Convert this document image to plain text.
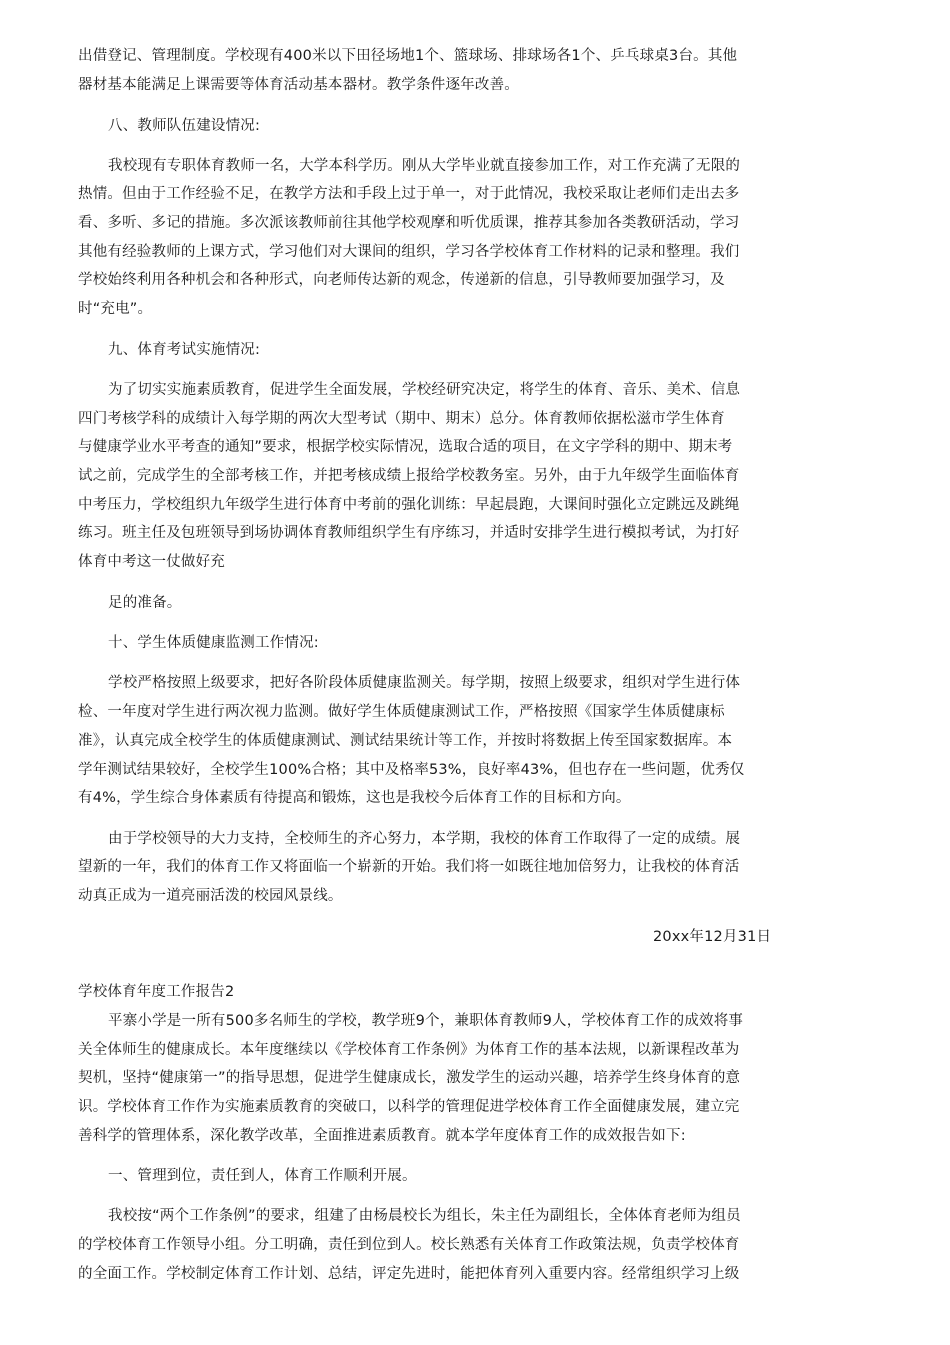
出借登记、管理制度。学校现有400米以下田径场地1个、篮球场、排球场各1个、乒乓球桌3台。其他
器材基本能满足上课需要等体育活动基本器材。教学条件逐年改善。
八、教师队伍建设情况:
我校现有专职体育教师一名，大学本科学历。刚从大学毕业就直接参加工作，对工作充满了无限的
热情。但由于工作经验不足，在教学方法和手段上过于单一，对于此情况，我校采取让老师们走出去多
看、多听、多记的措施。多次派该教师前往其他学校观摩和听优质课，推荐其参加各类教研活动，学习
其他有经验教师的上课方式，学习他们对大课间的组织，学习各学校体育工作材料的记录和整理。我们
学校始终利用各种机会和各种形式，向老师传达新的观念，传递新的信息，引导教师要加强学习，及
时“充电”。
九、体育考试实施情况:
为了切实实施素质教育，促进学生全面发展，学校经研究决定，将学生的体育、音乐、美术、信息
四门考核学科的成绩计入每学期的两次大型考试（期中、期末）总分。体育教师依据松滋市学生体育
与健康学业水平考查的通知”要求，根据学校实际情况，选取合适的项目，在文字学科的期中、期末考
试之前，完成学生的全部考核工作，并把考核成绩上报给学校教务室。另外，由于九年级学生面临体育
中考压力，学校组织九年级学生进行体育中考前的强化训练：早起晨跑，大课间时强化立定跳远及跳绳
练习。班主任及包班领导到场协调体育教师组织学生有序练习，并适时安排学生进行模拟考试，为打好
体育中考这一仗做好充
足的准备。
十、学生体质健康监测工作情况:
学校严格按照上级要求，把好各阶段体质健康监测关。每学期，按照上级要求，组织对学生进行体
检、一年度对学生进行两次视力监测。做好学生体质健康测试工作，严格按照《国家学生体质健康标
准》，认真完成全校学生的体质健康测试、测试结果统计等工作，并按时将数据上传至国家数据库。本
学年测试结果较好，全校学生100%合格；其中及格率53%，良好率43%，但也存在一些问题，优秀仅
有4%，学生综合身体素质有待提高和锻炼，这也是我校今后体育工作的目标和方向。
由于学校领导的大力支持，全校师生的齐心努力，本学期，我校的体育工作取得了一定的成绩。展
望新的一年，我们的体育工作又将面临一个崭新的开始。我们将一如既往地加倍努力，让我校的体育活
动真正成为一道亮丽活泼的校园风景线。
20xx年12月31日
学校体育年度工作报告2
平寨小学是一所有500多名师生的学校，教学班9个，兼职体育教师9人，学校体育工作的成效将事
关全体师生的健康成长。本年度继续以《学校体育工作条例》为体育工作的基本法规，以新课程改革为
契机，坚持“健康第一”的指导思想，促进学生健康成长，激发学生的运动兴趣，培养学生终身体育的意
识。学校体育工作作为实施素质教育的突破口，以科学的管理促进学校体育工作全面健康发展，建立完
善科学的管理体系，深化教学改革，全面推进素质教育。就本学年度体育工作的成效报告如下:
一、管理到位，责任到人，体育工作顺利开展。
我校按“两个工作条例”的要求，组建了由杨晨校长为组长，朱主任为副组长，全体体育老师为组员
的学校体育工作领导小组。分工明确，责任到位到人。校长熟悉有关体育工作政策法规，负责学校体育
的全面工作。学校制定体育工作计划、总结，评定先进时，能把体育列入重要内容。经常组织学习上级
